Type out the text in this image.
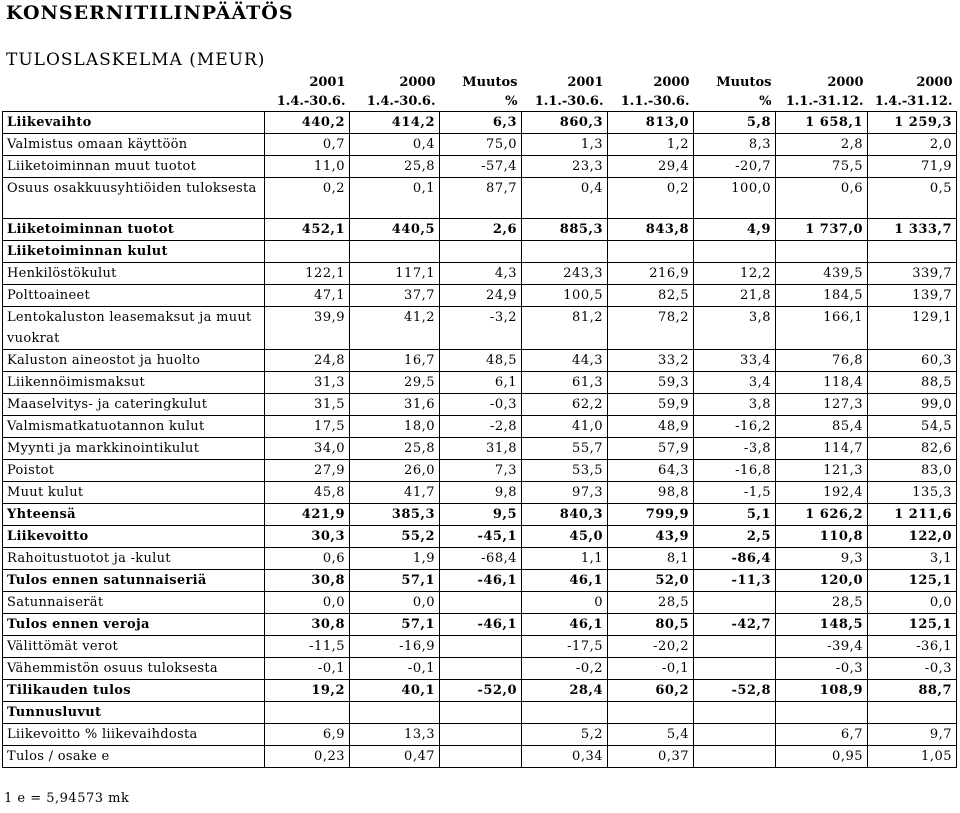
KONSERNITILINPÄÄTÖS
TULOSLASKELMA (MEUR)
	2001	2000	Muutos	2001	2000	Muutos	2000	2000
	1.4.-30.6.	1.4.-30.6.	%	1.1.-30.6.	1.1.-30.6.	%	1.1.-31.12.	1.4.-31.12.
Liikevaihto	440,2	414,2	6,3	860,3	813,0	5,8	1 658,1	1 259,3
Valmistus omaan käyttöön	0,7	0,4	75,0	1,3	1,2	8,3	2,8	2,0
Liiketoiminnan muut tuotot	11,0	25,8	-57,4	23,3	29,4	-20,7	75,5	71,9
Osuus osakkuusyhtiöiden tuloksesta	0,2	0,1	87,7	0,4	0,2	100,0	0,6	0,5
Liiketoiminnan tuotot	452,1	440,5	2,6	885,3	843,8	4,9	1 737,0	1 333,7
Liiketoiminnan kulut								
Henkilöstökulut	122,1	117,1	4,3	243,3	216,9	12,2	439,5	339,7
Polttoaineet	47,1	37,7	24,9	100,5	82,5	21,8	184,5	139,7
Lentokaluston leasemaksut ja muut vuokrat	39,9	41,2	-3,2	81,2	78,2	3,8	166,1	129,1
Kaluston aineostot ja huolto	24,8	16,7	48,5	44,3	33,2	33,4	76,8	60,3
Liikennöimismaksut	31,3	29,5	6,1	61,3	59,3	3,4	118,4	88,5
Maaselvitys- ja cateringkulut	31,5	31,6	-0,3	62,2	59,9	3,8	127,3	99,0
Valmismatkatuotannon kulut	17,5	18,0	-2,8	41,0	48,9	-16,2	85,4	54,5
Myynti ja markkinointikulut	34,0	25,8	31,8	55,7	57,9	-3,8	114,7	82,6
Poistot	27,9	26,0	7,3	53,5	64,3	-16,8	121,3	83,0
Muut kulut	45,8	41,7	9,8	97,3	98,8	-1,5	192,4	135,3
Yhteensä	421,9	385,3	9,5	840,3	799,9	5,1	1 626,2	1 211,6
Liikevoitto	30,3	55,2	-45,1	45,0	43,9	2,5	110,8	122,0
Rahoitustuotot ja -kulut	0,6	1,9	-68,4	1,1	8,1	-86,4	9,3	3,1
Tulos ennen satunnaiseriä	30,8	57,1	-46,1	46,1	52,0	-11,3	120,0	125,1
Satunnaiserät	0,0	0,0		0	28,5		28,5	0,0
Tulos ennen veroja	30,8	57,1	-46,1	46,1	80,5	-42,7	148,5	125,1
Välittömät verot	-11,5	-16,9		-17,5	-20,2		-39,4	-36,1
Vähemmistön osuus tuloksesta	-0,1	-0,1		-0,2	-0,1		-0,3	-0,3
Tilikauden tulos	19,2	40,1	-52,0	28,4	60,2	-52,8	108,9	88,7
Tunnusluvut								
Liikevoitto % liikevaihdosta	6,9	13,3		5,2	5,4		6,7	9,7
Tulos / osake e	0,23	0,47		0,34	0,37		0,95	1,05

1 e = 5,94573 mk
